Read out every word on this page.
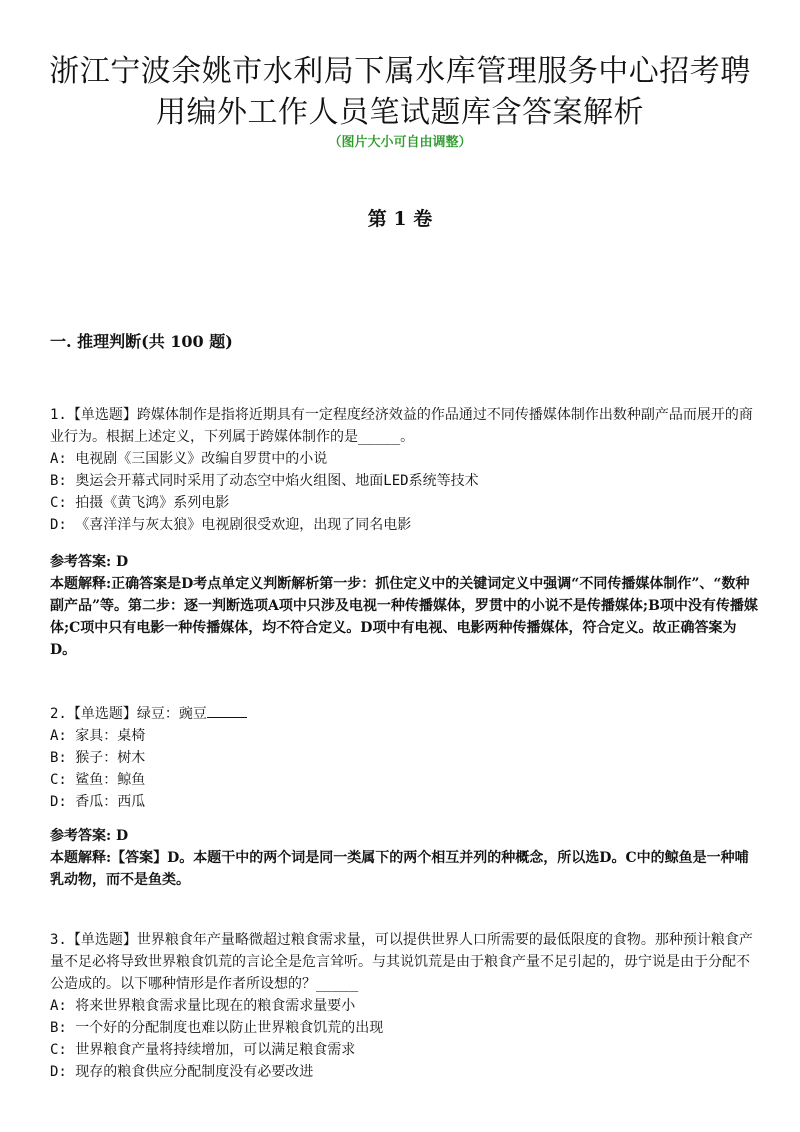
浙江宁波余姚市水利局下属水库管理服务中心招考聘
用编外工作人员笔试题库含答案解析
（图片大小可自由调整）
第 1 卷
一. 推理判断(共 100 题)
1.【单选题】跨媒体制作是指将近期具有一定程度经济效益的作品通过不同传播媒体制作出数种副产品而展开的商业行为。根据上述定义，下列属于跨媒体制作的是_____。
A: 电视剧《三国影义》改编自罗贯中的小说
B: 奥运会开幕式同时采用了动态空中焰火组图、地面LED系统等技术
C: 拍摄《黄飞鸿》系列电影
D: 《喜洋洋与灰太狼》电视剧很受欢迎，出现了同名电影

参考答案: D

本题解释:正确答案是D考点单定义判断解析第一步：抓住定义中的关键词定义中强调“不同传播媒体制作”、“数种副产品”等。第二步：逐一判断选项A项中只涉及电视一种传播媒体，罗贯中的小说不是传播媒体;B项中没有传播媒体;C项中只有电影一种传播媒体，均不符合定义。D项中有电视、电影两种传播媒体，符合定义。故正确答案为D。

2.【单选题】绿豆：豌豆
A: 家具：桌椅
B: 猴子：树木
C: 鲨鱼：鲸鱼
D: 香瓜：西瓜

参考答案: D

本题解释:【答案】D。本题干中的两个词是同一类属下的两个相互并列的种概念，所以选D。C中的鲸鱼是一种哺乳动物，而不是鱼类。

3.【单选题】世界粮食年产量略微超过粮食需求量，可以提供世界人口所需要的最低限度的食物。那种预计粮食产量不足必将导致世界粮食饥荒的言论全是危言耸听。与其说饥荒是由于粮食产量不足引起的，毋宁说是由于分配不公造成的。以下哪种情形是作者所设想的？_____
A: 将来世界粮食需求量比现在的粮食需求量要小
B: 一个好的分配制度也难以防止世界粮食饥荒的出现
C: 世界粮食产量将持续增加，可以满足粮食需求
D: 现存的粮食供应分配制度没有必要改进
